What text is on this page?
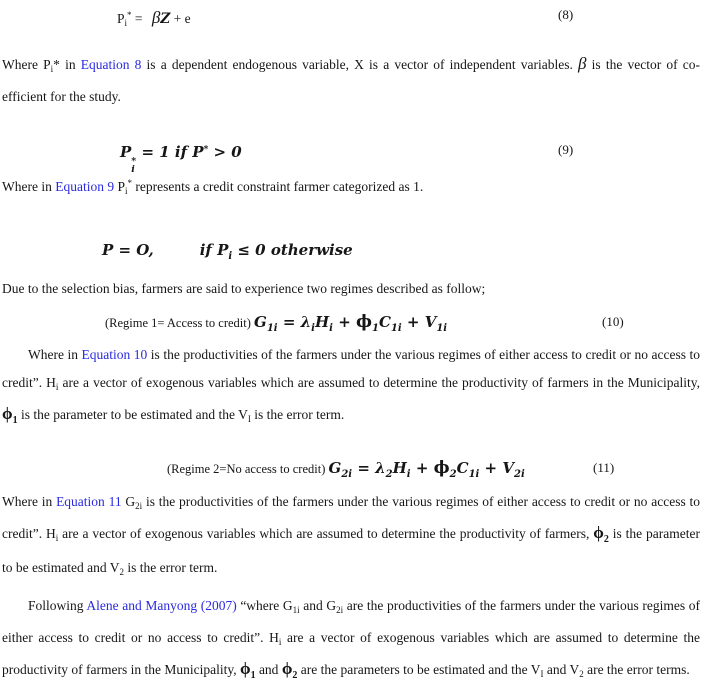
$P_i^* = \beta Z + e$	(8)

Where $P_i*$ in Equation 8 is a dependent endogenous variable, X is a vector of independent variables. β is the vector of co-efficient for the study.

P
*
i
= 1 if P* > 0	(9)

Where in Equation 9 $P_i^*$ represents a credit constraint farmer categorized as 1.

P = O,	if $P_i \le 0$ otherwise

Due to the selection bias, farmers are said to experience two regimes described as follow;

(Regime 1= Access to credit) $G_{1i} = \lambda_iH_i + \phi_1C_{1i} + V_{1i}$	(10)

Where in Equation 10 is the productivities of the farmers under the various regimes of either access to credit or no access to credit”. $H_i$ are a vector of exogenous variables which are assumed to determine the productivity of farmers in the Municipality, $\phi_1$ is the parameter to be estimated and the $V_I$ is the error term.

(Regime 2=No access to credit) $G_{2i} = \lambda_2H_i + \phi_2C_{1i} + V_{2i}$	(11)

Where in Equation 11 $G_{2i}$ is the productivities of the farmers under the various regimes of either access to credit or no access to credit”. $H_i$ are a vector of exogenous variables which are assumed to determine the productivity of farmers, $\phi_2$ is the parameter to be estimated and $V_2$ is the error term.

Following Alene and Manyong (2007) “where $G_{1i}$ and $G_{2i}$ are the productivities of the farmers under the various regimes of either access to credit or no access to credit”. $H_i$ are a vector of exogenous variables which are assumed to determine the productivity of farmers in the Municipality, $\phi_1$ and $\phi_2$ are the parameters to be estimated and the $V_I$ and $V_2$ are the error terms.
